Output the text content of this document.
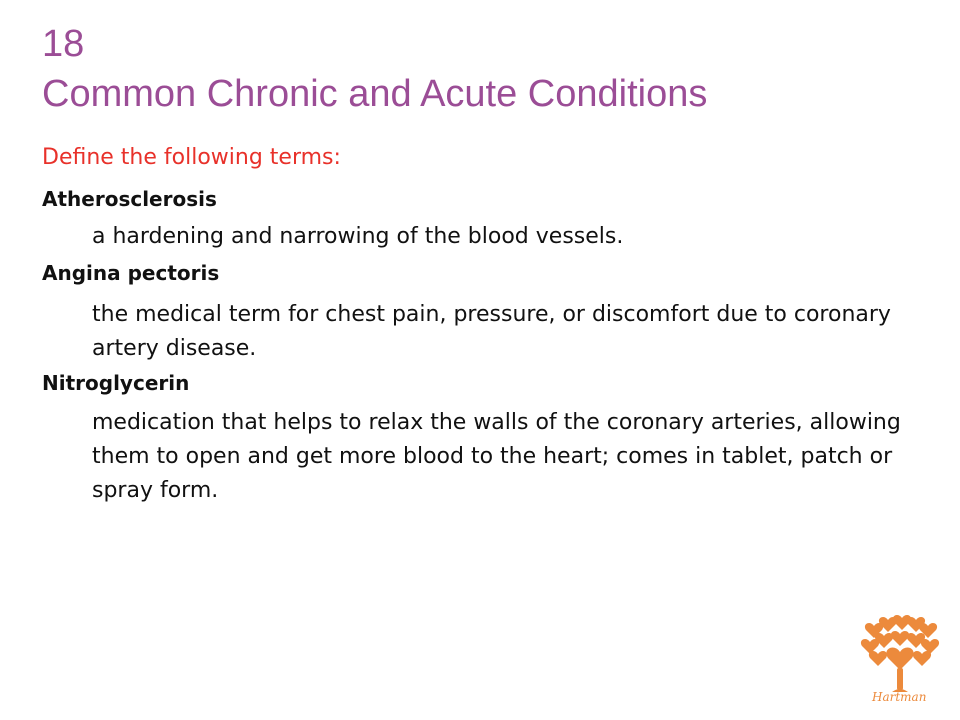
18
Common Chronic and Acute Conditions
Define the following terms:

Atherosclerosis

a hardening and narrowing of the blood vessels.

Angina pectoris

the medical term for chest pain, pressure, or discomfort due to coronary artery disease.

Nitroglycerin

medication that helps to relax the walls of the coronary arteries, allowing them to open and get more blood to the heart; comes in tablet, patch or spray form.

Hartman
